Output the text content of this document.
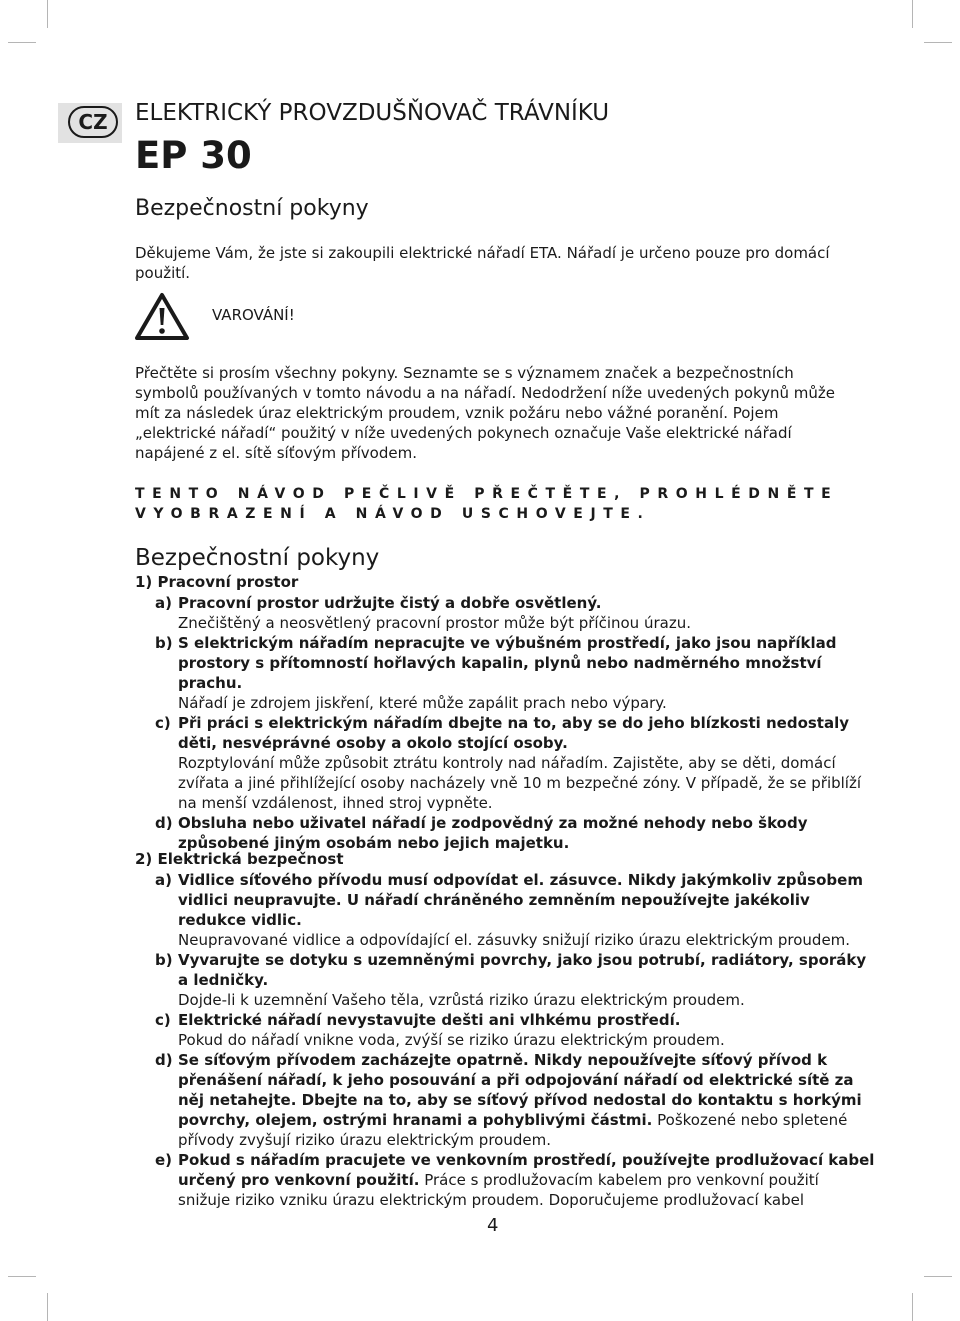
CZ	ELEKTRICKÝ PROVZDUŠŇOVAČ TRÁVNÍKU
EP 30
Bezpečnostní pokyny
Děkujeme Vám, že jste si zakoupili elektrické nářadí ETA. Nářadí je určeno pouze pro domácí použití.
VAROVÁNÍ!
Přečtěte si prosím všechny pokyny. Seznamte se s významem značek a bezpečnostních symbolů používaných v tomto návodu a na nářadí. Nedodržení níže uvedených pokynů může mít za následek úraz elektrickým proudem, vznik požáru nebo vážné poranění. Pojem „elektrické nářadí“ použitý v níže uvedených pokynech označuje Vaše elektrické nářadí napájené z el. sítě síťovým přívodem.
TENTO NÁVOD PEČLIVĚ PŘEČTĚTE, PROHLÉDNĚTE VYOBRAZENÍ A NÁVOD USCHOVEJTE.
Bezpečnostní pokyny
1) Pracovní prostor
a) Pracovní prostor udržujte čistý a dobře osvětlený.
Znečištěný a neosvětlený pracovní prostor může být příčinou úrazu.
b) S elektrickým nářadím nepracujte ve výbušném prostředí, jako jsou například prostory s přítomností hořlavých kapalin, plynů nebo nadměrného množství prachu.
Nářadí je zdrojem jiskření, které může zapálit prach nebo výpary.
c) Při práci s elektrickým nářadím dbejte na to, aby se do jeho blízkosti nedostaly děti, nesvéprávné osoby a okolo stojící osoby.
Rozptylování může způsobit ztrátu kontroly nad nářadím. Zajistěte, aby se děti, domácí zvířata a jiné přihlížející osoby nacházely vně 10 m bezpečné zóny. V případě, že se přiblíží na menší vzdálenost, ihned stroj vypněte.
d) Obsluha nebo uživatel nářadí je zodpovědný za možné nehody nebo škody způsobené jiným osobám nebo jejich majetku.
2) Elektrická bezpečnost
a) Vidlice síťového přívodu musí odpovídat el. zásuvce. Nikdy jakýmkoliv způsobem vidlici neupravujte. U nářadí chráněného zemněním nepoužívejte jakékoliv redukce vidlic.
Neupravované vidlice a odpovídající el. zásuvky snižují riziko úrazu elektrickým proudem.
b) Vyvarujte se dotyku s uzemněnými povrchy, jako jsou potrubí, radiátory, sporáky a ledničky.
Dojde-li k uzemnění Vašeho těla, vzrůstá riziko úrazu elektrickým proudem.
c) Elektrické nářadí nevystavujte dešti ani vlhkému prostředí.
Pokud do nářadí vnikne voda, zvýší se riziko úrazu elektrickým proudem.
d) Se síťovým přívodem zacházejte opatrně. Nikdy nepoužívejte síťový přívod k přenášení nářadí, k jeho posouvání a při odpojování nářadí od elektrické sítě za něj netahejte. Dbejte na to, aby se síťový přívod nedostal do kontaktu s horkými povrchy, olejem, ostrými hranami a pohyblivými částmi. Poškozené nebo spletené přívody zvyšují riziko úrazu elektrickým proudem.
e) Pokud s nářadím pracujete ve venkovním prostředí, používejte prodlužovací kabel určený pro venkovní použití. Práce s prodlužovacím kabelem pro venkovní použití snižuje riziko vzniku úrazu elektrickým proudem. Doporučujeme prodlužovací kabel
4
